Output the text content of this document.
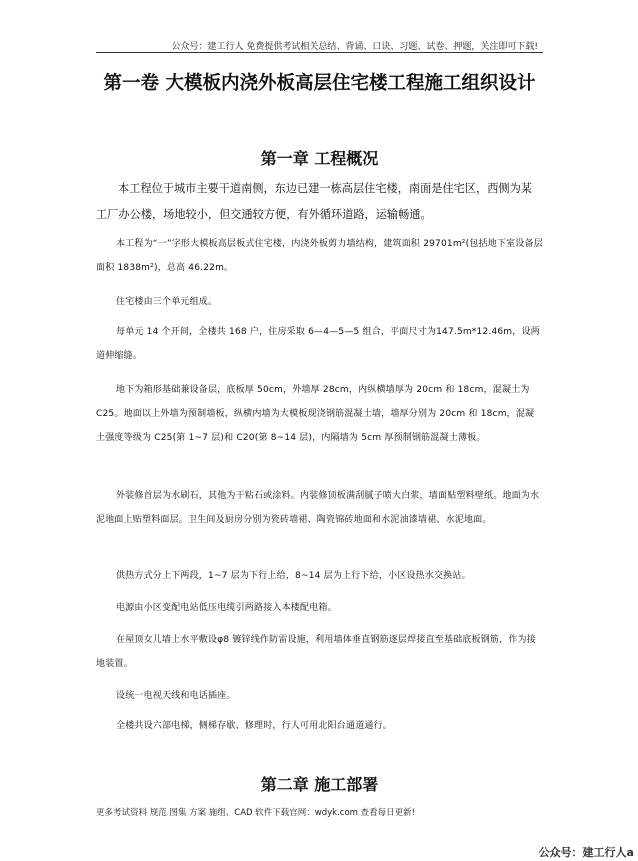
公众号：建工行人 免费提供考试相关总结、背诵、口诀、习题、试卷、押题，关注即可下载!
第一卷 大模板内浇外板高层住宅楼工程施工组织设计
第一章 工程概况
本工程位于城市主要干道南侧，东边已建一栋高层住宅楼，南面是住宅区，西侧为某工厂办公楼，场地较小，但交通较方便，有外循环道路，运输畅通。
本工程为“一”字形大模板高层板式住宅楼，内浇外板剪力墙结构，建筑面积 29701m²(包括地下室设备层面积 1838m²)，总高 46.22m。
住宅楼由三个单元组成。
每单元 14 个开间，全楼共 168 户，住房采取 6—4—5—5 组合，平面尺寸为147.5m*12.46m，设两道伸缩缝。
地下为箱形基础兼设备层，底板厚 50cm，外墙厚 28cm，内纵横墙厚为 20cm 和 18cm，混凝土为 C25。地面以上外墙为预制墙板，纵横内墙为大模板现浇钢筋混凝土墙，墙厚分别为 20cm 和 18cm，混凝土强度等级为 C25(第 1~7 层)和 C20(第 8~14 层)，内隔墙为 5cm 厚预制钢筋混凝土薄板。
外装修首层为水刷石，其他为干粘石或涂料。内装修顶板满刮腻子喷大白浆，墙面贴塑料壁纸。地面为水泥地面上贴塑料面层。卫生间及厨房分别为瓷砖墙裙、陶瓷锦砖地面和水泥油漆墙裙、水泥地面。
供热方式分上下两段，1~7 层为下行上给，8~14 层为上行下给，小区设热水交换站。
电源由小区变配电站低压电缆引两路接入本楼配电箱。
在屋顶女儿墙上水平敷设φ8 镀锌线作防雷设施，利用墙体垂直钢筋逐层焊接直至基础底板钢筋，作为接地装置。
设统一电视天线和电话插座。
全楼共设六部电梯，侧梯存歇、修理时，行人可用北阳台通道通行。
第二章 施工部署
更多考试资料 规范 图集 方案 施组、CAD 软件下载官网：wdyk.com 查看每日更新!
公众号：建工行人a
